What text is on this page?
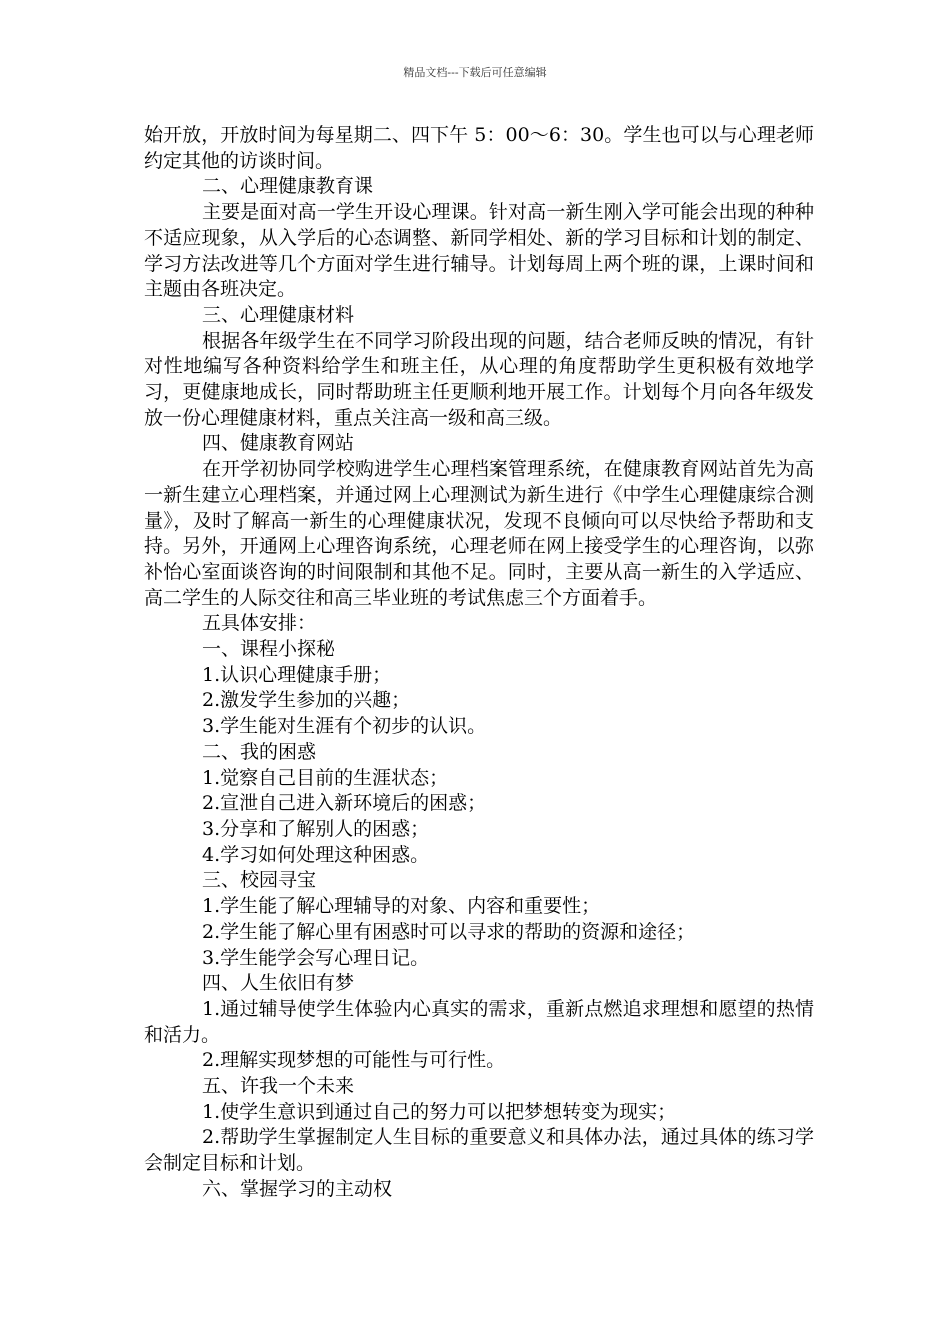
精品文档---下载后可任意编辑

始开放，开放时间为每星期二、四下午 5：00～6：30。学生也可以与心理老师约定其他的访谈时间。

二、心理健康教育课

主要是面对高一学生开设心理课。针对高一新生刚入学可能会出现的种种不适应现象，从入学后的心态调整、新同学相处、新的学习目标和计划的制定、学习方法改进等几个方面对学生进行辅导。计划每周上两个班的课，上课时间和主题由各班决定。

三、心理健康材料

根据各年级学生在不同学习阶段出现的问题，结合老师反映的情况，有针对性地编写各种资料给学生和班主任，从心理的角度帮助学生更积极有效地学习，更健康地成长，同时帮助班主任更顺利地开展工作。计划每个月向各年级发放一份心理健康材料，重点关注高一级和高三级。

四、健康教育网站

在开学初协同学校购进学生心理档案管理系统，在健康教育网站首先为高一新生建立心理档案，并通过网上心理测试为新生进行《中学生心理健康综合测量》，及时了解高一新生的心理健康状况，发现不良倾向可以尽快给予帮助和支持。另外，开通网上心理咨询系统，心理老师在网上接受学生的心理咨询，以弥补怡心室面谈咨询的时间限制和其他不足。同时，主要从高一新生的入学适应、高二学生的人际交往和高三毕业班的考试焦虑三个方面着手。

五具体安排：

一、课程小探秘

1.认识心理健康手册；

2.激发学生参加的兴趣；

3.学生能对生涯有个初步的认识。

二、我的困惑

1.觉察自己目前的生涯状态；

2.宣泄自己进入新环境后的困惑；

3.分享和了解别人的困惑；

4.学习如何处理这种困惑。

三、校园寻宝

1.学生能了解心理辅导的对象、内容和重要性；

2.学生能了解心里有困惑时可以寻求的帮助的资源和途径；

3.学生能学会写心理日记。

四、人生依旧有梦

1.通过辅导使学生体验内心真实的需求，重新点燃追求理想和愿望的热情和活力。

2.理解实现梦想的可能性与可行性。

五、许我一个未来

1.使学生意识到通过自己的努力可以把梦想转变为现实；

2.帮助学生掌握制定人生目标的重要意义和具体办法，通过具体的练习学会制定目标和计划。

六、掌握学习的主动权
